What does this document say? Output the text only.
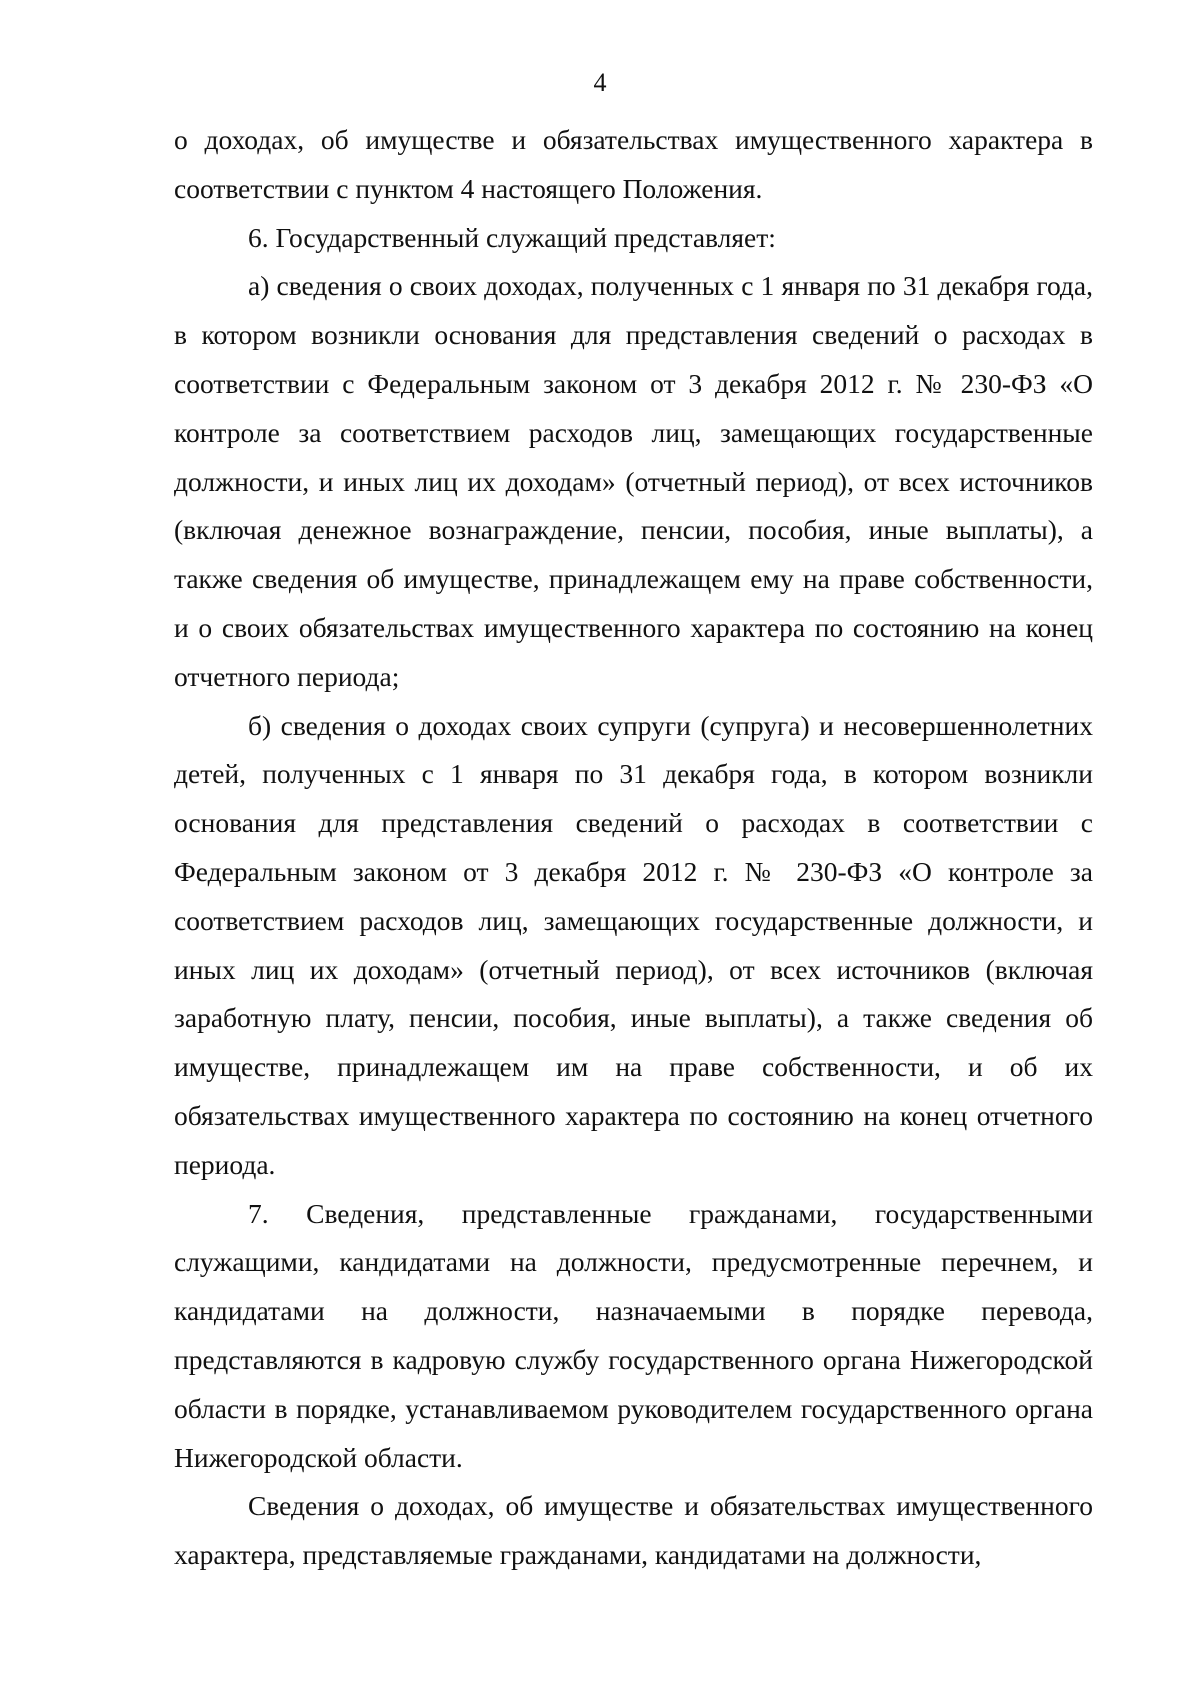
4

о доходах, об имуществе и обязательствах имущественного характера в соответствии с пунктом 4 настоящего Положения.

6. Государственный служащий представляет:

а) сведения о своих доходах, полученных с 1 января по 31 декабря года, в котором возникли основания для представления сведений о расходах в соответствии с Федеральным законом от 3 декабря 2012 г. № 230-ФЗ «О контроле за соответствием расходов лиц, замещающих государственные должности, и иных лиц их доходам» (отчетный период), от всех источников (включая денежное вознаграждение, пенсии, пособия, иные выплаты), а также сведения об имуществе, принадлежащем ему на праве собственности, и о своих обязательствах имущественного характера по состоянию на конец отчетного периода;

б) сведения о доходах своих супруги (супруга) и несовершеннолетних детей, полученных с 1 января по 31 декабря года, в котором возникли основания для представления сведений о расходах в соответствии с Федеральным законом от 3 декабря 2012 г. № 230-ФЗ «О контроле за соответствием расходов лиц, замещающих государственные должности, и иных лиц их доходам» (отчетный период), от всех источников (включая заработную плату, пенсии, пособия, иные выплаты), а также сведения об имуществе, принадлежащем им на праве собственности, и об их обязательствах имущественного характера по состоянию на конец отчетного периода.

7. Сведения, представленные гражданами, государственными служащими, кандидатами на должности, предусмотренные перечнем, и кандидатами на должности, назначаемыми в порядке перевода, представляются в кадровую службу государственного органа Нижегородской области в порядке, устанавливаемом руководителем государственного органа Нижегородской области.

Сведения о доходах, об имуществе и обязательствах имущественного характера, представляемые гражданами, кандидатами на должности,
